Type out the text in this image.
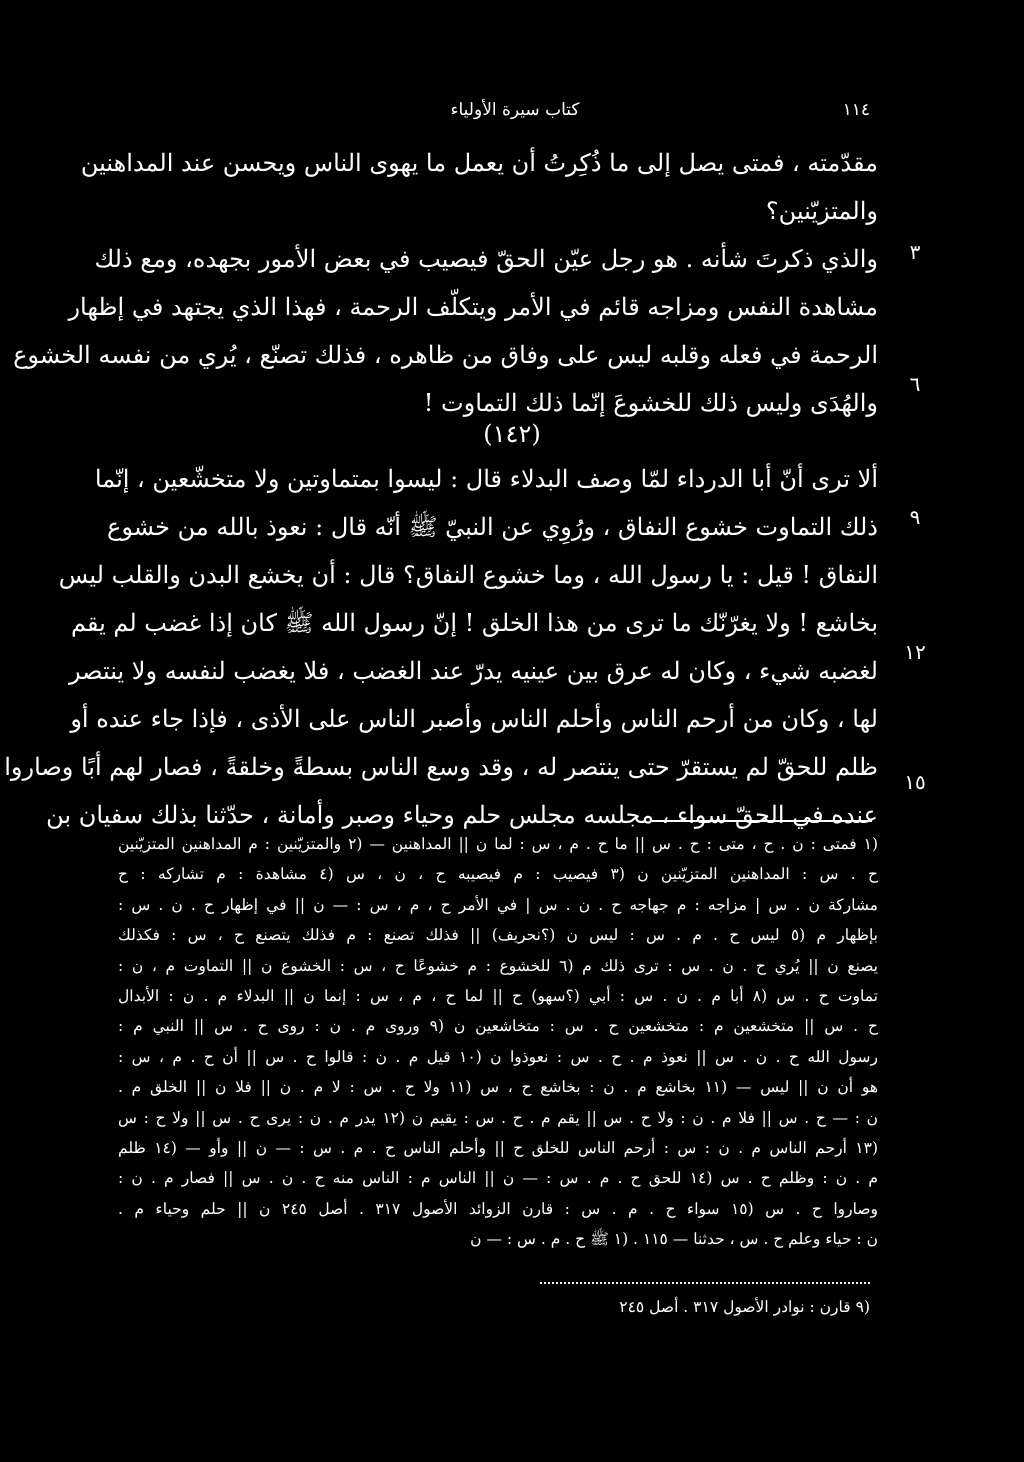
١١٤
كتاب سيرة الأولياء
مقدّمته ، فمتى يصل إلى ما ذُكِرتُ أن يعمل ما يهوى الناس ويحسن عند المداهنين
والمتزيّنين؟
والذي ذكرتَ شأنه . هو رجل عيّن الحقّ فيصيب في بعض الأمور بجهده، ومع ذلك
مشاهدة النفس ومزاجه قائم في الأمر ويتكلّف الرحمة ، فهذا الذي يجتهد في إظهار
الرحمة في فعله وقلبه ليس على وفاق من ظاهره ، فذلك تصنّع ، يُري من نفسه الخشوع
والهُدَى وليس ذلك للخشوعَ إنّما ذلك التماوت !
(١٤٢)
ألا ترى أنّ أبا الدرداء لمّا وصف البدلاء قال : ليسوا بمتماوتين ولا متخشّعين ، إنّما
ذلك التماوت خشوع النفاق ، ورُوِي عن النبيّ ﷺ أنّه قال : نعوذ بالله من خشوع
النفاق ! قيل : يا رسول الله ، وما خشوع النفاق؟ قال : أن يخشع البدن والقلب ليس
بخاشع ! ولا يغرّنّك ما ترى من هذا الخلق ! إنّ رسول الله ﷺ كان إذا غضب لم يقم
لغضبه شيء ، وكان له عرق بين عينيه يدرّ عند الغضب ، فلا يغضب لنفسه ولا ينتصر
لها ، وكان من أرحم الناس وأحلم الناس وأصبر الناس على الأذى ، فإذا جاء عنده أو
ظلم للحقّ لم يستقرّ حتى ينتصر له ، وقد وسع الناس بسطةً وخلقةً ، فصار لهم أبًا وصاروا
عنده في الحقّ سواء ، مجلسه مجلس حلم وحياء وصبر وأمانة ، حدّثنا بذلك سفيان بن
٣
٦
٩
١٢
١٥
(١ فمتى : ن . ح ، متى : ح . س || ما ح . م ، س : لما ن || المداهنين — (٢ والمتزيّنين : م المداهنين المتزيّنين
ح . س : المداهنين المتزيّنين ن (٣ فيصيب : م فيصيبه ح ، ن ، س (٤ مشاهدة : م تشاركه : ح
مشاركة ن . س | مزاجه : م جهاجه ح . ن . س | في الأمر ح ، م ، س : — ن || في إظهار ح . ن . س :
بإظهار م (٥ ليس ح . م . س : ليس ن (؟نحريف) || فذلك تصنع : م فذلك يتصنع ح ، س : فكذلك
يصنع ن || يُري ح . ن . س : ترى ذلك م (٦ للخشوع : م خشوعًا ح ، س : الخشوع ن || التماوت م ، ن :
تماوت ح . س (٨ أبا م . ن . س : أبي (؟سهو) ح || لما ح ، م ، س : إنما ن || البدلاء م . ن : الأبدال
ح . س || متخشعين م : متخشعين ح . س : متخاشعين ن (٩ وروى م . ن : روى ح . س || النبي م :
رسول الله ح . ن . س || نعوذ م . ح . س : نعوذوا ن (١٠ قيل م . ن : قالوا ح . س || أن ح . م ، س :
هو أن ن || ليس — (١١ بخاشع م . ن : بخاشع ح ، س (١١ ولا ح . س : لا م . ن || فلا ن || الخلق م .
ن : — ح . س || فلا م . ن : ولا ح . س || يقم م . ح . س : يقيم ن (١٢ يدر م . ن : يرى ح . س || ولا ح : س
(١٣ أرحم الناس م . ن : س : أرحم الناس للخلق ح || وأحلم الناس ح . م . س : — ن || وأو — (١٤ ظلم
م . ن : وظلم ح . س (١٤ للحق ح . م . س : — ن || الناس م : الناس منه ح . ن . س || فصار م . ن :
وصاروا ح . س (١٥ سواء ح . م . س : قارن الزوائد الأصول ٣١٧ . أصل ٢٤٥ ن || حلم وحياء م .
ن : حياء وعلم ح . س ، حدثنا — ١١٥ . (١ ﷺ ح . م . س : — ن
(٩ قارن : نوادر الأصول ٣١٧ . أصل ٢٤٥
